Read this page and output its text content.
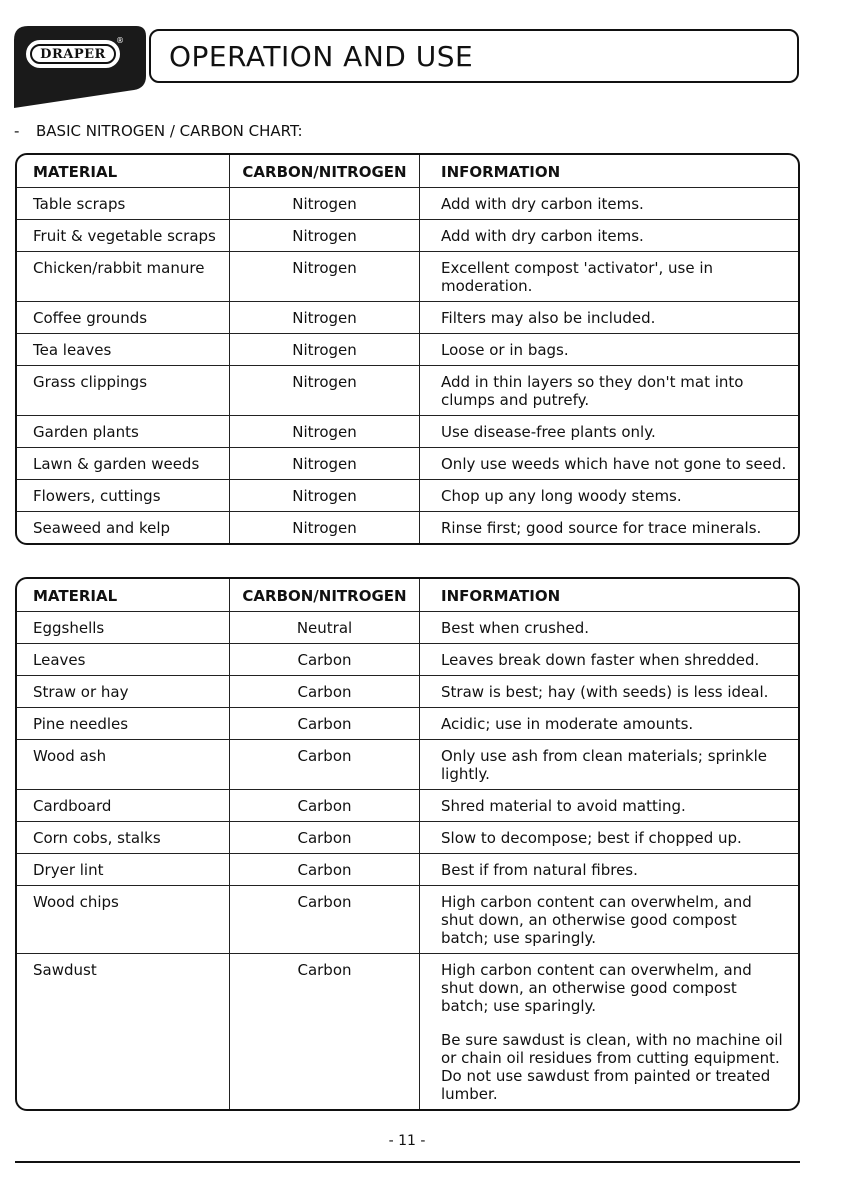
DRAPER
® OPERATION AND USE
- BASIC NITROGEN / CARBON CHART:
MATERIAL	CARBON/NITROGEN	INFORMATION
Table scraps	Nitrogen	Add with dry carbon items.
Fruit & vegetable scraps	Nitrogen	Add with dry carbon items.
Chicken/rabbit manure	Nitrogen	Excellent compost 'activator', use in moderation.
Coffee grounds	Nitrogen	Filters may also be included.
Tea leaves	Nitrogen	Loose or in bags.
Grass clippings	Nitrogen	Add in thin layers so they don't mat into clumps and putrefy.
Garden plants	Nitrogen	Use disease-free plants only.
Lawn & garden weeds	Nitrogen	Only use weeds which have not gone to seed.
Flowers, cuttings	Nitrogen	Chop up any long woody stems.
Seaweed and kelp	Nitrogen	Rinse first; good source for trace minerals.
MATERIAL	CARBON/NITROGEN	INFORMATION
Eggshells	Neutral	Best when crushed.
Leaves	Carbon	Leaves break down faster when shredded.
Straw or hay	Carbon	Straw is best; hay (with seeds) is less ideal.
Pine needles	Carbon	Acidic; use in moderate amounts.
Wood ash	Carbon	Only use ash from clean materials; sprinkle lightly.
Cardboard	Carbon	Shred material to avoid matting.
Corn cobs, stalks	Carbon	Slow to decompose; best if chopped up.
Dryer lint	Carbon	Best if from natural fibres.
Wood chips	Carbon	High carbon content can overwhelm, and shut down, an otherwise good compost batch; use sparingly.
Sawdust	Carbon	High carbon content can overwhelm, and shut down, an otherwise good compost batch; use sparingly.
Be sure sawdust is clean, with no machine oil or chain oil residues from cutting equipment. Do not use sawdust from painted or treated lumber.
- 11 -
